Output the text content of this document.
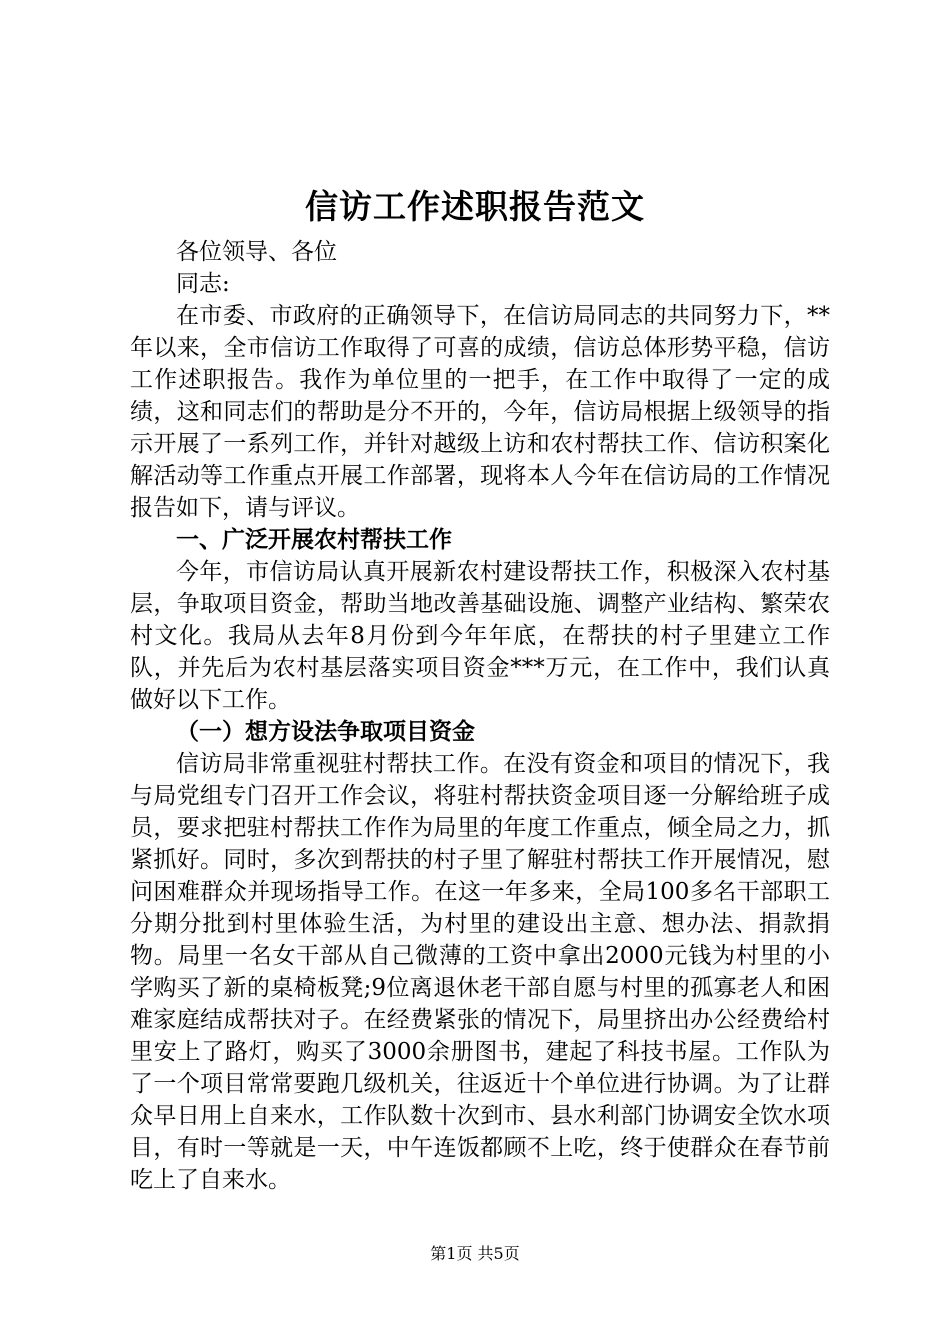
信访工作述职报告范文

各位领导、各位

同志:

在市委、市政府的正确领导下，在信访局同志的共同努力下，**年以来，全市信访工作取得了可喜的成绩，信访总体形势平稳，信访工作述职报告。我作为单位里的一把手，在工作中取得了一定的成绩，这和同志们的帮助是分不开的，今年，信访局根据上级领导的指示开展了一系列工作，并针对越级上访和农村帮扶工作、信访积案化解活动等工作重点开展工作部署，现将本人今年在信访局的工作情况报告如下，请与评议。

一、广泛开展农村帮扶工作

今年，市信访局认真开展新农村建设帮扶工作，积极深入农村基层，争取项目资金，帮助当地改善基础设施、调整产业结构、繁荣农村文化。我局从去年8月份到今年年底，在帮扶的村子里建立工作队，并先后为农村基层落实项目资金***万元，在工作中，我们认真做好以下工作。

（一）想方设法争取项目资金

信访局非常重视驻村帮扶工作。在没有资金和项目的情况下，我与局党组专门召开工作会议，将驻村帮扶资金项目逐一分解给班子成员，要求把驻村帮扶工作作为局里的年度工作重点，倾全局之力，抓紧抓好。同时，多次到帮扶的村子里了解驻村帮扶工作开展情况，慰问困难群众并现场指导工作。在这一年多来，全局100多名干部职工分期分批到村里体验生活，为村里的建设出主意、想办法、捐款捐物。局里一名女干部从自己微薄的工资中拿出2000元钱为村里的小学购买了新的桌椅板凳;9位离退休老干部自愿与村里的孤寡老人和困难家庭结成帮扶对子。在经费紧张的情况下，局里挤出办公经费给村里安上了路灯，购买了3000余册图书，建起了科技书屋。工作队为了一个项目常常要跑几级机关，往返近十个单位进行协调。为了让群众早日用上自来水，工作队数十次到市、县水利部门协调安全饮水项目，有时一等就是一天，中午连饭都顾不上吃，终于使群众在春节前吃上了自来水。

第1页 共5页
